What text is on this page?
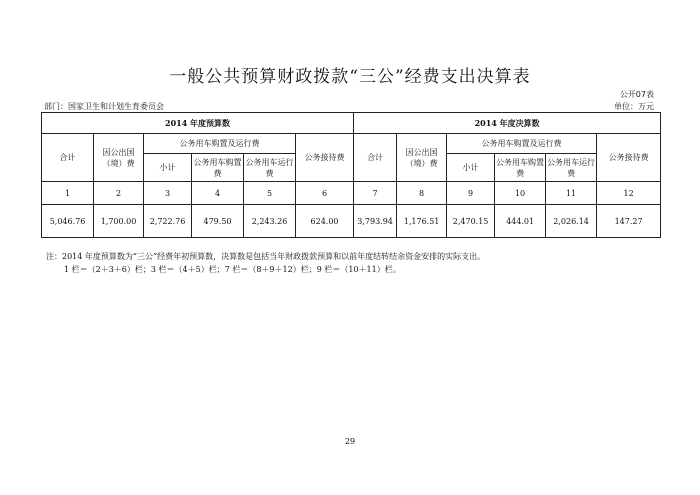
一般公共预算财政拨款“三公”经费支出决算表
公开07表
部门：国家卫生和计划生育委员会	单位：万元
2014 年度预算数						2014 年度决算数					
合计	因公出国（境）费	公务用车购置及运行费			公务接待费	合计	因公出国（境）费	公务用车购置及运行费			公务接待费
		小计	公务用车购置费	公务用车运行费				小计	公务用车购置费	公务用车运行费	
1	2	3	4	5	6	7	8	9	10	11	12
5,046.76	1,700.00	2,722.76	479.50	2,243.26	624.00	3,793.94	1,176.51	2,470.15	444.01	2,026.14	147.27
注：2014 年度预算数为“三公”经费年初预算数，决算数是包括当年财政拨款预算和以前年度结转结余资金安排的实际支出。
1 栏＝（2＋3＋6）栏；3 栏＝（4＋5）栏；7 栏＝（8＋9＋12）栏；9 栏＝（10＋11）栏。
29
